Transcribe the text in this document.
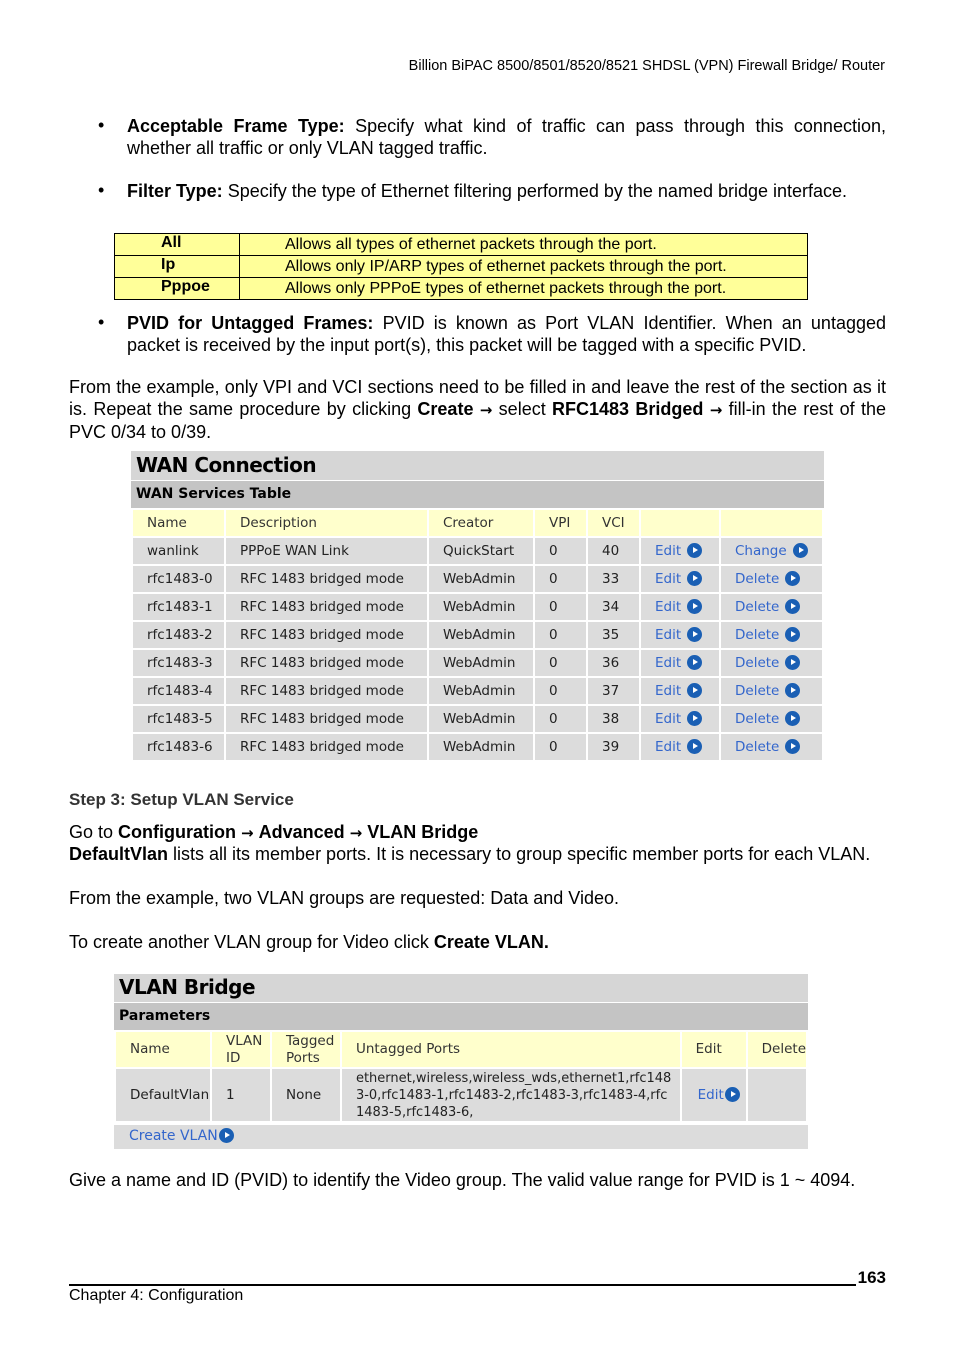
Billion BiPAC 8500/8501/8520/8521 SHDSL (VPN) Firewall Bridge/ Router
• Acceptable Frame Type: Specify what kind of traffic can pass through this connection, whether all traffic or only VLAN tagged traffic.
• Filter Type: Specify the type of Ethernet filtering performed by the named bridge interface.
All	Allows all types of ethernet packets through the port.
Ip	Allows only IP/ARP types of ethernet packets through the port.
Pppoe	Allows only PPPoE types of ethernet packets through the port.
• PVID for Untagged Frames: PVID is known as Port VLAN Identifier. When an untagged packet is received by the input port(s), this packet will be tagged with a specific PVID.
From the example, only VPI and VCI sections need to be filled in and leave the rest of the section as it is. Repeat the same procedure by clicking Create → select RFC1483 Bridged → fill-in the rest of the PVC 0/34 to 0/39.
WAN Connection
WAN Services Table
Name	Description	Creator	VPI	VCI		
wanlink	PPPoE WAN Link	QuickStart	0	40	Edit	Change
rfc1483-0	RFC 1483 bridged mode	WebAdmin	0	33	Edit	Delete
rfc1483-1	RFC 1483 bridged mode	WebAdmin	0	34	Edit	Delete
rfc1483-2	RFC 1483 bridged mode	WebAdmin	0	35	Edit	Delete
rfc1483-3	RFC 1483 bridged mode	WebAdmin	0	36	Edit	Delete
rfc1483-4	RFC 1483 bridged mode	WebAdmin	0	37	Edit	Delete
rfc1483-5	RFC 1483 bridged mode	WebAdmin	0	38	Edit	Delete
rfc1483-6	RFC 1483 bridged mode	WebAdmin	0	39	Edit	Delete
Step 3: Setup VLAN Service
Go to Configuration → Advanced → VLAN Bridge
DefaultVlan lists all its member ports. It is necessary to group specific member ports for each VLAN.
From the example, two VLAN groups are requested: Data and Video.
To create another VLAN group for Video click Create VLAN.
VLAN Bridge
Parameters
Name	VLAN ID	Tagged Ports	Untagged Ports	Edit	Delete
DefaultVlan	1	None	ethernet,wireless,wireless_wds,ethernet1,rfc1483-0,rfc1483-1,rfc1483-2,rfc1483-3,rfc1483-4,rfc1483-5,rfc1483-6,	Edit	
Create VLAN
Give a name and ID (PVID) to identify the Video group. The valid value range for PVID is 1 ~ 4094.
163
Chapter 4: Configuration
